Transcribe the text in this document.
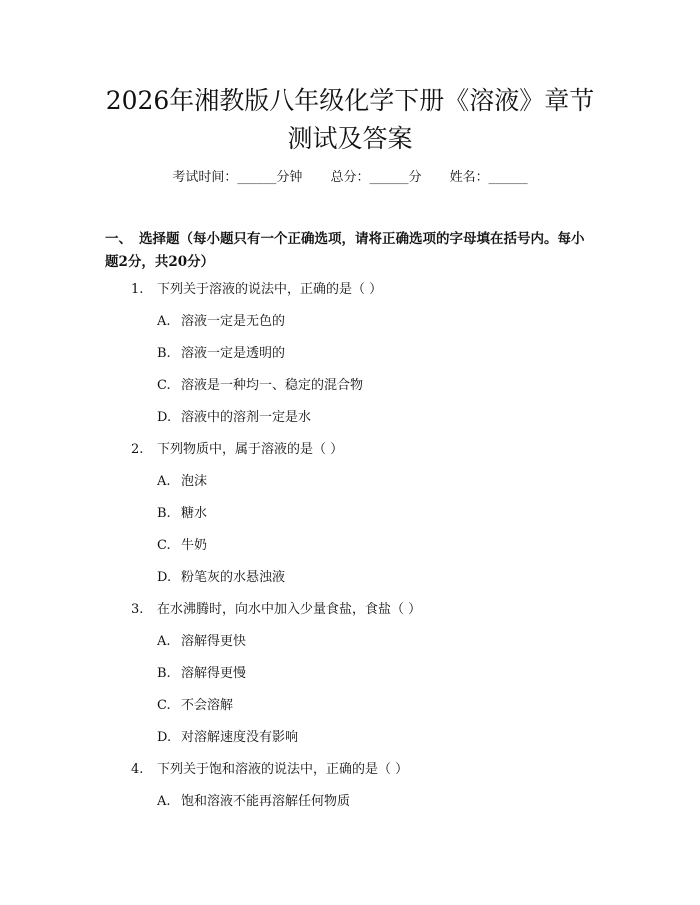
2026年湘教版八年级化学下册《溶液》章节
测试及答案
考试时间：______分钟 总分：______分 姓名：______
一、 选择题（每小题只有一个正确选项，请将正确选项的字母填在括号内。每小
题2分，共20分）
1. 下列关于溶液的说法中，正确的是（ ）
A. 溶液一定是无色的
B. 溶液一定是透明的
C. 溶液是一种均一、稳定的混合物
D. 溶液中的溶剂一定是水
2. 下列物质中，属于溶液的是（ ）
A. 泡沫
B. 糖水
C. 牛奶
D. 粉笔灰的水悬浊液
3. 在水沸腾时，向水中加入少量食盐，食盐（ ）
A. 溶解得更快
B. 溶解得更慢
C. 不会溶解
D. 对溶解速度没有影响
4. 下列关于饱和溶液的说法中，正确的是（ ）
A. 饱和溶液不能再溶解任何物质
